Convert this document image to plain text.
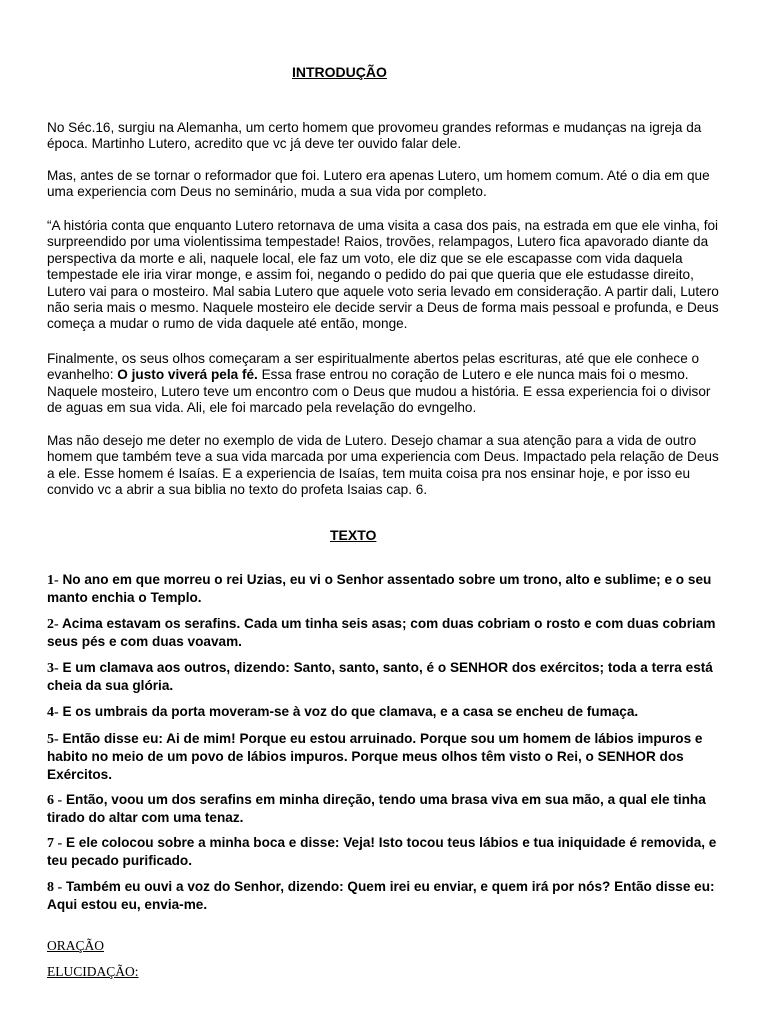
INTRODUÇÃO

No Séc.16, surgiu na Alemanha, um certo homem que provomeu grandes reformas e mudanças na igreja da época. Martinho Lutero, acredito que vc já deve ter ouvido falar dele.

Mas, antes de se tornar o reformador que foi. Lutero era apenas Lutero, um homem comum. Até o dia em que uma experiencia com Deus no seminário, muda a sua vida por completo.

“A história conta que enquanto Lutero retornava de uma visita a casa dos pais, na estrada em que ele vinha, foi surpreendido por uma violentissima tempestade! Raios, trovões, relampagos, Lutero fica apavorado diante da perspectiva da morte e ali, naquele local, ele faz um voto, ele diz que se ele escapasse com vida daquela tempestade ele iria virar monge, e assim foi, negando o pedido do pai que queria que ele estudasse direito, Lutero vai para o mosteiro. Mal sabia Lutero que aquele voto seria levado em consideração. A partir dali, Lutero não seria mais o mesmo. Naquele mosteiro ele decide servir a Deus de forma mais pessoal e profunda, e Deus começa a mudar o rumo de vida daquele até então, monge.

Finalmente, os seus olhos começaram a ser espiritualmente abertos pelas escrituras, até que ele conhece o evanhelho: O justo viverá pela fé. Essa frase entrou no coração de Lutero e ele nunca mais foi o mesmo. Naquele mosteiro, Lutero teve um encontro com o Deus que mudou a história. E essa experiencia foi o divisor de aguas em sua vida. Ali, ele foi marcado pela revelação do evngelho.

Mas não desejo me deter no exemplo de vida de Lutero. Desejo chamar a sua atenção para a vida de outro homem que também teve a sua vida marcada por uma experiencia com Deus. Impactado pela relação de Deus a ele. Esse homem é Isaías. E a experiencia de Isaías, tem muita coisa pra nos ensinar hoje, e por isso eu convido vc a abrir a sua biblia no texto do profeta Isaias cap. 6.

TEXTO

1- No ano em que morreu o rei Uzias, eu vi o Senhor assentado sobre um trono, alto e sublime; e o seu manto enchia o Templo.

2- Acima estavam os serafins. Cada um tinha seis asas; com duas cobriam o rosto e com duas cobriam seus pés e com duas voavam.

3- E um clamava aos outros, dizendo: Santo, santo, santo, é o SENHOR dos exércitos; toda a terra está cheia da sua glória.

4- E os umbrais da porta moveram-se à voz do que clamava, e a casa se encheu de fumaça.

5- Então disse eu: Ai de mim! Porque eu estou arruinado. Porque sou um homem de lábios impuros e habito no meio de um povo de lábios impuros. Porque meus olhos têm visto o Rei, o SENHOR dos Exércitos.

6 - Então, voou um dos serafins em minha direção, tendo uma brasa viva em sua mão, a qual ele tinha tirado do altar com uma tenaz.

7 - E ele colocou sobre a minha boca e disse: Veja! Isto tocou teus lábios e tua iniquidade é removida, e teu pecado purificado.

8 - Também eu ouvi a voz do Senhor, dizendo: Quem irei eu enviar, e quem irá por nós? Então disse eu: Aqui estou eu, envia-me.

ORAÇÃO

ELUCIDAÇÃO:
